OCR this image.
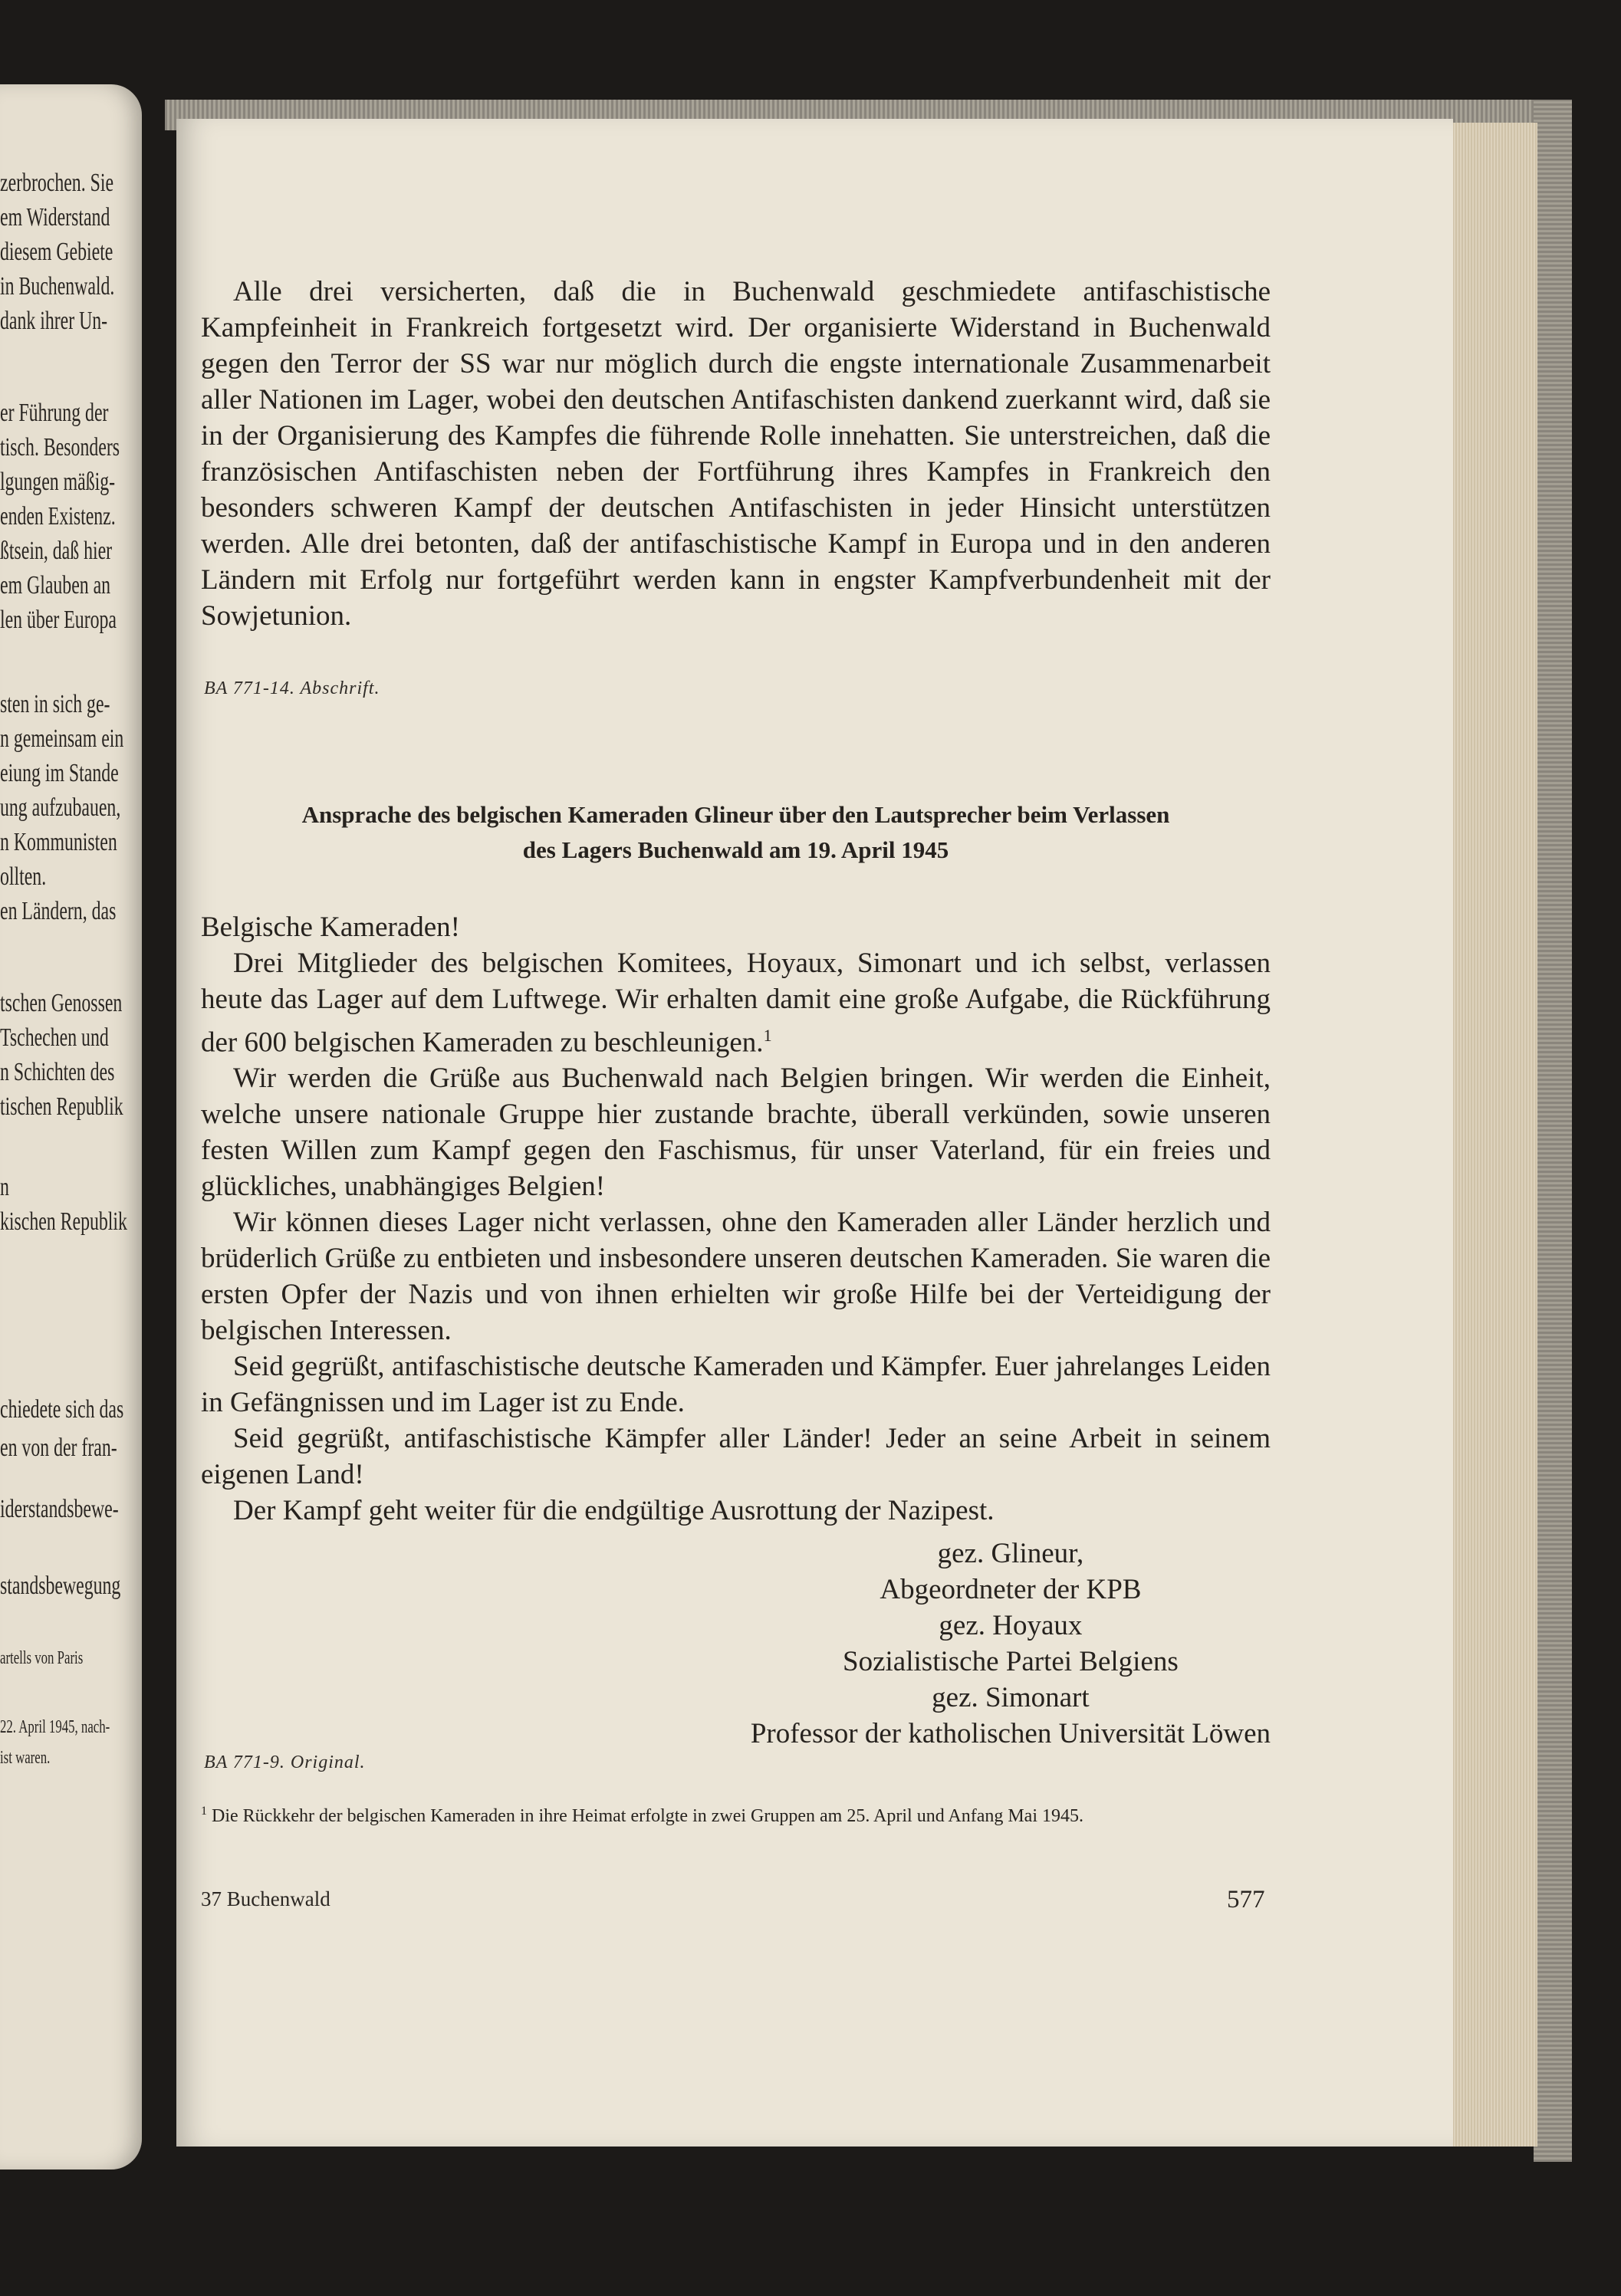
zerbrochen. Sie
em Widerstand
diesem Gebiete
in Buchenwald.
dank ihrer Un-
er Führung der
tisch. Besonders
lgungen mäßig-
enden Existenz.
ßtsein, daß hier
em Glauben an
len über Europa
sten in sich ge-
n gemeinsam ein
eiung im Stande
ung aufzubauen,
n Kommunisten
ollten.
en Ländern, das
tschen Genossen
Tschechen und
n Schichten des
tischen Republik
n
kischen Republik
chiedete sich das
en von der fran-
iderstandsbewe-
standsbewegung
artells von Paris
22. April 1945, nach-
ist waren.

Alle drei versicherten, daß die in Buchenwald geschmiedete antifaschistische Kampfeinheit in Frankreich fortgesetzt wird. Der organisierte Widerstand in Buchenwald gegen den Terror der SS war nur möglich durch die engste internationale Zusammenarbeit aller Nationen im Lager, wobei den deutschen Antifaschisten dankend zuerkannt wird, daß sie in der Organisierung des Kampfes die führende Rolle innehatten. Sie unterstreichen, daß die französischen Antifaschisten neben der Fortführung ihres Kampfes in Frankreich den besonders schweren Kampf der deutschen Antifaschisten in jeder Hinsicht unterstützen werden. Alle drei betonten, daß der antifaschistische Kampf in Europa und in den anderen Ländern mit Erfolg nur fortgeführt werden kann in engster Kampfverbundenheit mit der Sowjetunion.

BA 771-14. Abschrift.
Ansprache des belgischen Kameraden Glineur über den Lautsprecher beim Verlassen
des Lagers Buchenwald am 19. April 1945

Belgische Kameraden!

Drei Mitglieder des belgischen Komitees, Hoyaux, Simonart und ich selbst, verlassen heute das Lager auf dem Luftwege. Wir erhalten damit eine große Aufgabe, die Rückführung der 600 belgischen Kameraden zu beschleunigen.$^1$

Wir werden die Grüße aus Buchenwald nach Belgien bringen. Wir werden die Einheit, welche unsere nationale Gruppe hier zustande brachte, überall verkünden, sowie unseren festen Willen zum Kampf gegen den Faschismus, für unser Vaterland, für ein freies und glückliches, unabhängiges Belgien!

Wir können dieses Lager nicht verlassen, ohne den Kameraden aller Länder herzlich und brüderlich Grüße zu entbieten und insbesondere unseren deutschen Kameraden. Sie waren die ersten Opfer der Nazis und von ihnen erhielten wir große Hilfe bei der Verteidigung der belgischen Interessen.

Seid gegrüßt, antifaschistische deutsche Kameraden und Kämpfer. Euer jahrelanges Leiden in Gefängnissen und im Lager ist zu Ende.

Seid gegrüßt, antifaschistische Kämpfer aller Länder! Jeder an seine Arbeit in seinem eigenen Land!

Der Kampf geht weiter für die endgültige Ausrottung der Nazipest.

gez. Glineur,
Abgeordneter der KPB
gez. Hoyaux
Sozialistische Partei Belgiens
gez. Simonart
Professor der katholischen Universität Löwen
BA 771-9. Original.
$^1$ Die Rückkehr der belgischen Kameraden in ihre Heimat erfolgte in zwei Gruppen am 25. April und Anfang Mai 1945.
37 Buchenwald	577
